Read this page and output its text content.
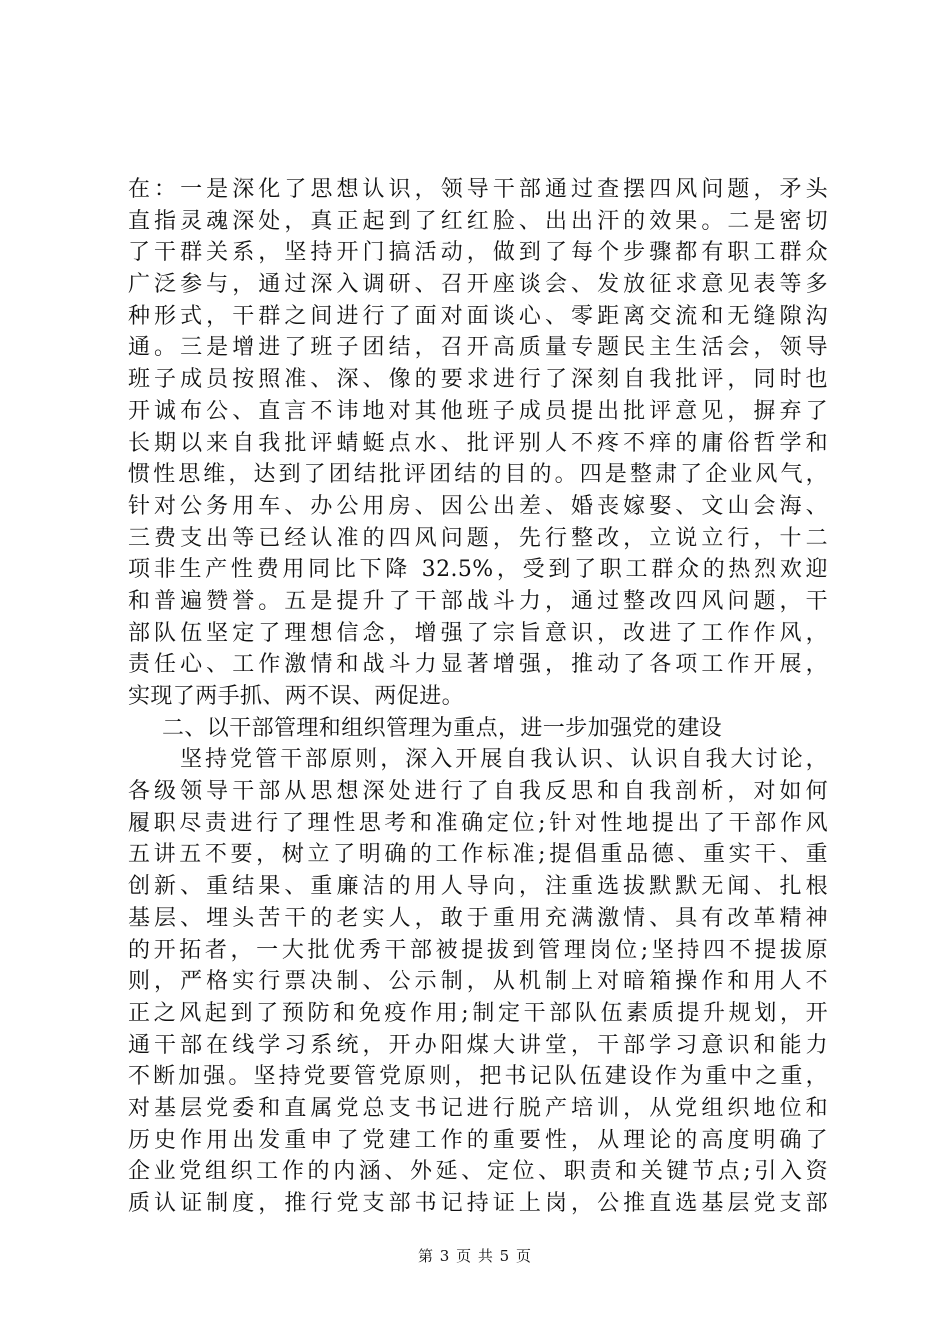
在：一是深化了思想认识，领导干部通过查摆四风问题，矛头
直指灵魂深处，真正起到了红红脸、出出汗的效果。二是密切
了干群关系，坚持开门搞活动，做到了每个步骤都有职工群众
广泛参与，通过深入调研、召开座谈会、发放征求意见表等多
种形式，干群之间进行了面对面谈心、零距离交流和无缝隙沟
通。三是增进了班子团结，召开高质量专题民主生活会，领导
班子成员按照准、深、像的要求进行了深刻自我批评，同时也
开诚布公、直言不讳地对其他班子成员提出批评意见，摒弃了
长期以来自我批评蜻蜓点水、批评别人不疼不痒的庸俗哲学和
惯性思维，达到了团结批评团结的目的。四是整肃了企业风气，
针对公务用车、办公用房、因公出差、婚丧嫁娶、文山会海、
三费支出等已经认准的四风问题，先行整改，立说立行，十二
项非生产性费用同比下降 32.5%，受到了职工群众的热烈欢迎
和普遍赞誉。五是提升了干部战斗力，通过整改四风问题，干
部队伍坚定了理想信念，增强了宗旨意识，改进了工作作风，
责任心、工作激情和战斗力显著增强，推动了各项工作开展，
实现了两手抓、两不误、两促进。
二、以干部管理和组织管理为重点，进一步加强党的建设
坚持党管干部原则，深入开展自我认识、认识自我大讨论，
各级领导干部从思想深处进行了自我反思和自我剖析，对如何
履职尽责进行了理性思考和准确定位;针对性地提出了干部作风
五讲五不要，树立了明确的工作标准;提倡重品德、重实干、重
创新、重结果、重廉洁的用人导向，注重选拔默默无闻、扎根
基层、埋头苦干的老实人，敢于重用充满激情、具有改革精神
的开拓者，一大批优秀干部被提拔到管理岗位;坚持四不提拔原
则，严格实行票决制、公示制，从机制上对暗箱操作和用人不
正之风起到了预防和免疫作用;制定干部队伍素质提升规划，开
通干部在线学习系统，开办阳煤大讲堂，干部学习意识和能力
不断加强。坚持党要管党原则，把书记队伍建设作为重中之重，
对基层党委和直属党总支书记进行脱产培训，从党组织地位和
历史作用出发重申了党建工作的重要性，从理论的高度明确了
企业党组织工作的内涵、外延、定位、职责和关键节点;引入资
质认证制度，推行党支部书记持证上岗，公推直选基层党支部
第 3 页 共 5 页
